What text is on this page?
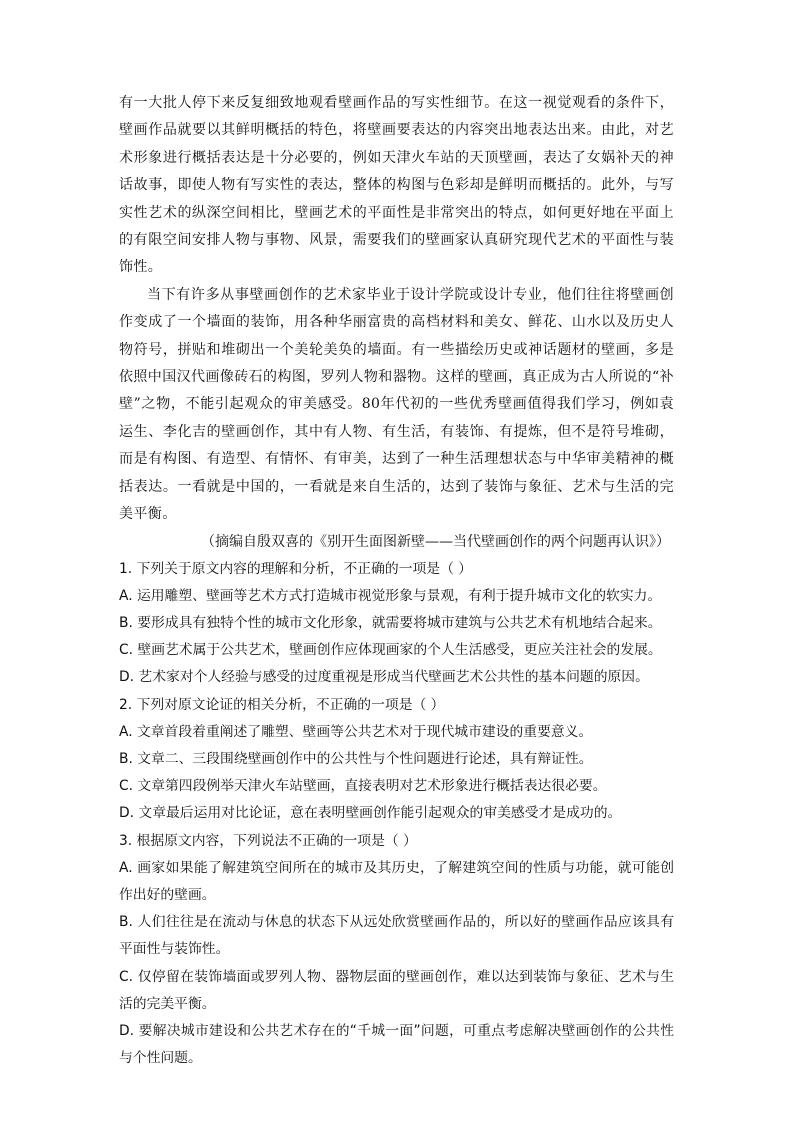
有一大批人停下来反复细致地观看壁画作品的写实性细节。在这一视觉观看的条件下，壁画作品就要以其鲜明概括的特色，将壁画要表达的内容突出地表达出来。由此，对艺术形象进行概括表达是十分必要的，例如天津火车站的天顶壁画，表达了女娲补天的神话故事，即使人物有写实性的表达，整体的构图与色彩却是鲜明而概括的。此外，与写实性艺术的纵深空间相比，壁画艺术的平面性是非常突出的特点，如何更好地在平面上的有限空间安排人物与事物、风景，需要我们的壁画家认真研究现代艺术的平面性与装饰性。

当下有许多从事壁画创作的艺术家毕业于设计学院或设计专业，他们往往将壁画创作变成了一个墙面的装饰，用各种华丽富贵的高档材料和美女、鲜花、山水以及历史人物符号，拼贴和堆砌出一个美轮美奂的墙面。有一些描绘历史或神话题材的壁画，多是依照中国汉代画像砖石的构图，罗列人物和器物。这样的壁画，真正成为古人所说的“补壁”之物，不能引起观众的审美感受。80年代初的一些优秀壁画值得我们学习，例如袁运生、李化吉的壁画创作，其中有人物、有生活，有装饰、有提炼，但不是符号堆砌，而是有构图、有造型、有情怀、有审美，达到了一种生活理想状态与中华审美精神的概括表达。一看就是中国的，一看就是来自生活的，达到了装饰与象征、艺术与生活的完美平衡。

（摘编自殷双喜的《别开生面图新壁——当代壁画创作的两个问题再认识》）

1. 下列关于原文内容的理解和分析，不正确的一项是（ ）

A. 运用雕塑、壁画等艺术方式打造城市视觉形象与景观，有利于提升城市文化的软实力。

B. 要形成具有独特个性的城市文化形象，就需要将城市建筑与公共艺术有机地结合起来。

C. 壁画艺术属于公共艺术，壁画创作应体现画家的个人生活感受，更应关注社会的发展。

D. 艺术家对个人经验与感受的过度重视是形成当代壁画艺术公共性的基本问题的原因。

2. 下列对原文论证的相关分析，不正确的一项是（ ）

A. 文章首段着重阐述了雕塑、壁画等公共艺术对于现代城市建设的重要意义。

B. 文章二、三段围绕壁画创作中的公共性与个性问题进行论述，具有辩证性。

C. 文章第四段例举天津火车站壁画，直接表明对艺术形象进行概括表达很必要。

D. 文章最后运用对比论证，意在表明壁画创作能引起观众的审美感受才是成功的。

3. 根据原文内容，下列说法不正确的一项是（ ）

A. 画家如果能了解建筑空间所在的城市及其历史，了解建筑空间的性质与功能，就可能创作出好的壁画。

B. 人们往往是在流动与休息的状态下从远处欣赏壁画作品的，所以好的壁画作品应该具有平面性与装饰性。

C. 仅停留在装饰墙面或罗列人物、器物层面的壁画创作，难以达到装饰与象征、艺术与生活的完美平衡。

D. 要解决城市建设和公共艺术存在的“千城一面”问题，可重点考虑解决壁画创作的公共性与个性问题。
